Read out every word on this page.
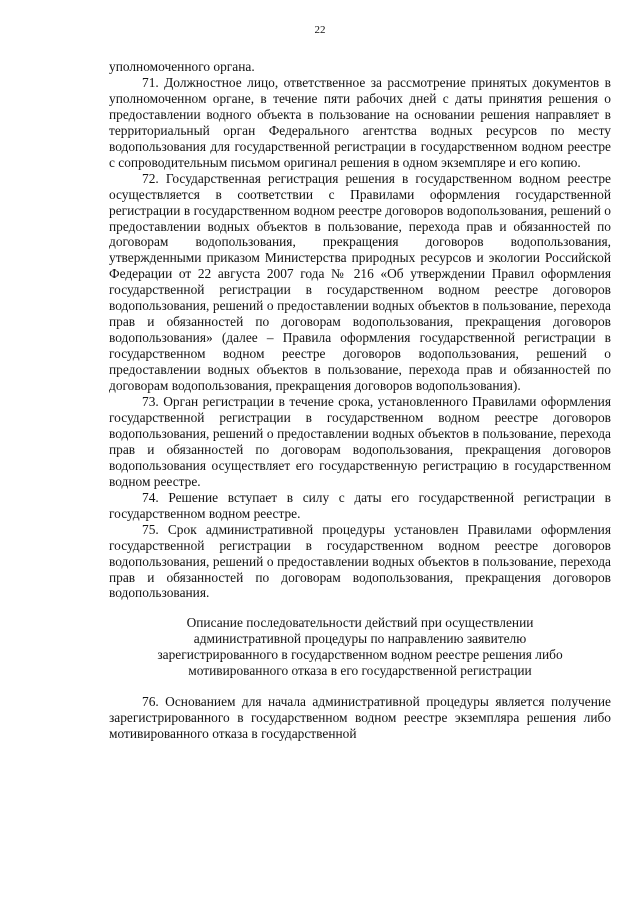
22

уполномоченного органа.

71. Должностное лицо, ответственное за рассмотрение принятых документов в уполномоченном органе, в течение пяти рабочих дней с даты принятия решения о предоставлении водного объекта в пользование на основании решения направляет в территориальный орган Федерального агентства водных ресурсов по месту водопользования для государственной регистрации в государственном водном реестре с сопроводительным письмом оригинал решения в одном экземпляре и его копию.

72. Государственная регистрация решения в государственном водном реестре осуществляется в соответствии с Правилами оформления государственной регистрации в государственном водном реестре договоров водопользования, решений о предоставлении водных объектов в пользование, перехода прав и обязанностей по договорам водопользования, прекращения договоров водопользования, утвержденными приказом Министерства природных ресурсов и экологии Российской Федерации от 22 августа 2007 года № 216 «Об утверждении Правил оформления государственной регистрации в государственном водном реестре договоров водопользования, решений о предоставлении водных объектов в пользование, перехода прав и обязанностей по договорам водопользования, прекращения договоров водопользования» (далее – Правила оформления государственной регистрации в государственном водном реестре договоров водопользования, решений о предоставлении водных объектов в пользование, перехода прав и обязанностей по договорам водопользования, прекращения договоров водопользования).

73. Орган регистрации в течение срока, установленного Правилами оформления государственной регистрации в государственном водном реестре договоров водопользования, решений о предоставлении водных объектов в пользование, перехода прав и обязанностей по договорам водопользования, прекращения договоров водопользования осуществляет его государственную регистрацию в государственном водном реестре.

74. Решение вступает в силу с даты его государственной регистрации в государственном водном реестре.

75. Срок административной процедуры установлен Правилами оформления государственной регистрации в государственном водном реестре договоров водопользования, решений о предоставлении водных объектов в пользование, перехода прав и обязанностей по договорам водопользования, прекращения договоров водопользования.

Описание последовательности действий при осуществлении
административной процедуры по направлению заявителю
зарегистрированного в государственном водном реестре решения либо
мотивированного отказа в его государственной регистрации

76. Основанием для начала административной процедуры является получение зарегистрированного в государственном водном реестре экземпляра решения либо мотивированного отказа в государственной
